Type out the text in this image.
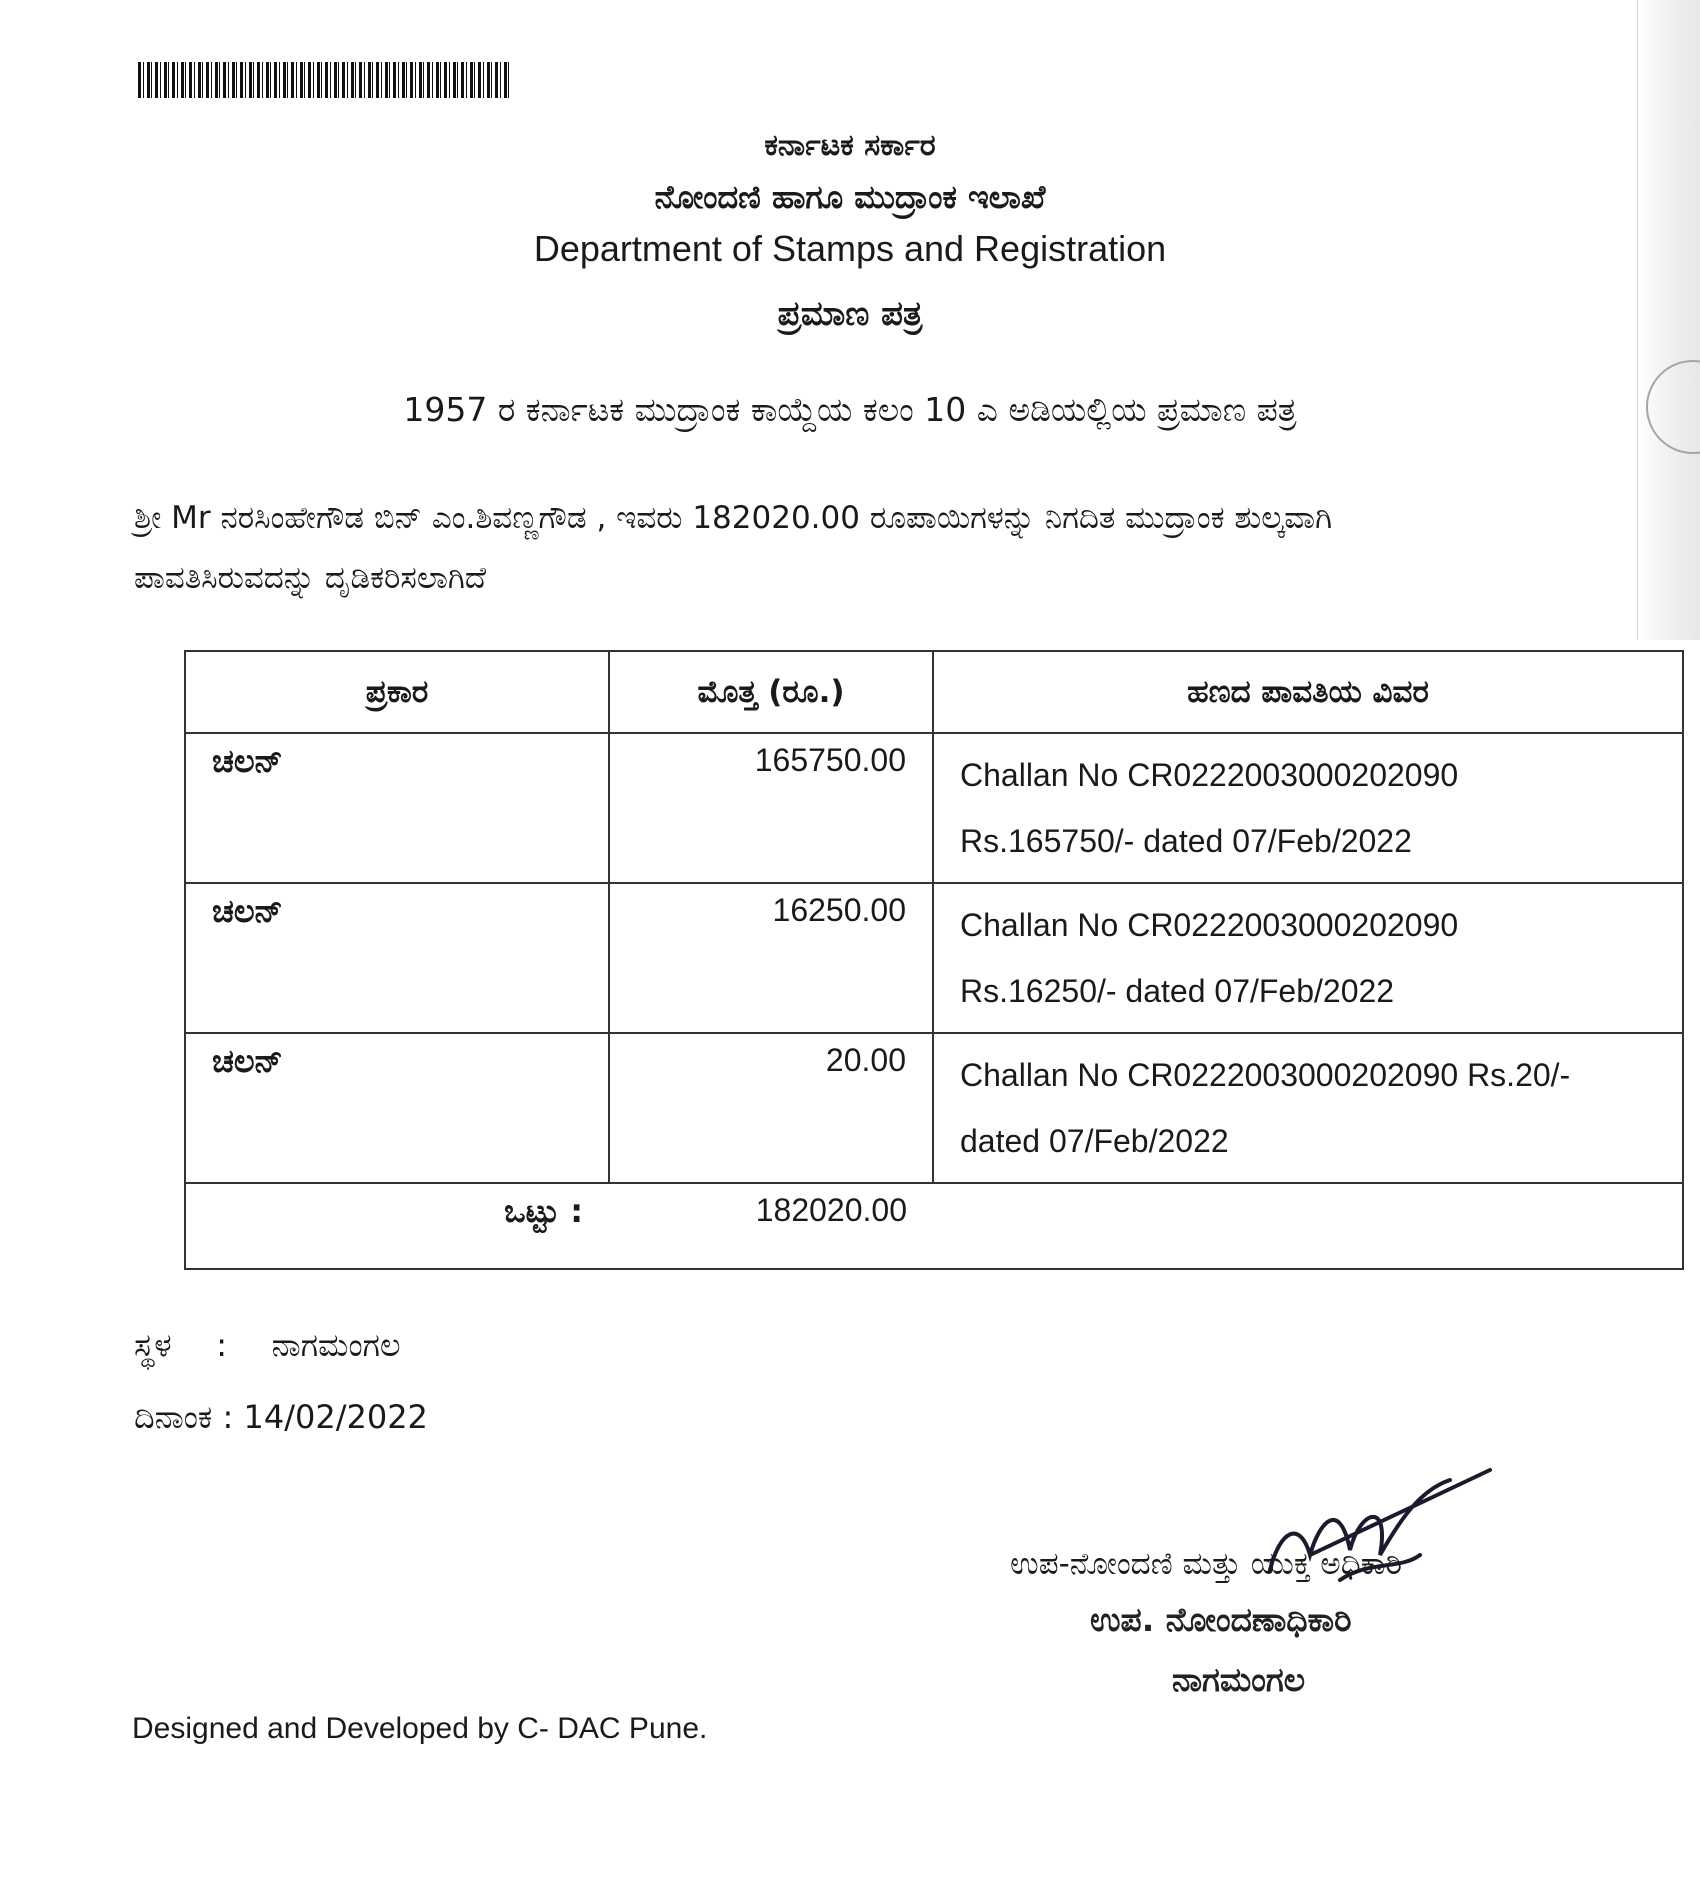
ಕರ್ನಾಟಕ ಸರ್ಕಾರ
ನೋಂದಣಿ ಹಾಗೂ ಮುದ್ರಾಂಕ ಇಲಾಖೆ
Department of Stamps and Registration
ಪ್ರಮಾಣ ಪತ್ರ
1957 ರ ಕರ್ನಾಟಕ ಮುದ್ರಾಂಕ ಕಾಯ್ದೆಯ ಕಲಂ 10 ಎ ಅಡಿಯಲ್ಲಿಯ ಪ್ರಮಾಣ ಪತ್ರ
ಶ್ರೀ Mr ನರಸಿಂಹೇಗೌಡ ಬಿನ್ ಎಂ.ಶಿವಣ್ಣಗೌಡ , ಇವರು 182020.00 ರೂಪಾಯಿಗಳನ್ನು ನಿಗದಿತ ಮುದ್ರಾಂಕ ಶುಲ್ಕವಾಗಿ
ಪಾವತಿಸಿರುವದನ್ನು ದೃಡಿಕರಿಸಲಾಗಿದೆ
ಪ್ರಕಾರ	ಮೊತ್ತ (ರೂ.)	ಹಣದ ಪಾವತಿಯ ವಿವರ
ಚಲನ್	165750.00	Challan No CR0222003000202090
Rs.165750/- dated 07/Feb/2022

ಚಲನ್	16250.00	Challan No CR0222003000202090
Rs.16250/- dated 07/Feb/2022

ಚಲನ್	20.00	Challan No CR0222003000202090 Rs.20/-
dated 07/Feb/2022

ಒಟ್ಟು :	182020.00	
ಸ್ಥಳ : ನಾಗಮಂಗಲ
ದಿನಾಂಕ : 14/02/2022
ಉಪ-ನೋಂದಣಿ ಮತ್ತು ಯುಕ್ತ ಅಧಿಕಾರಿ
ಉಪ. ನೋಂದಣಾಧಿಕಾರಿ
ನಾಗಮಂಗಲ
Designed and Developed by C- DAC Pune.
